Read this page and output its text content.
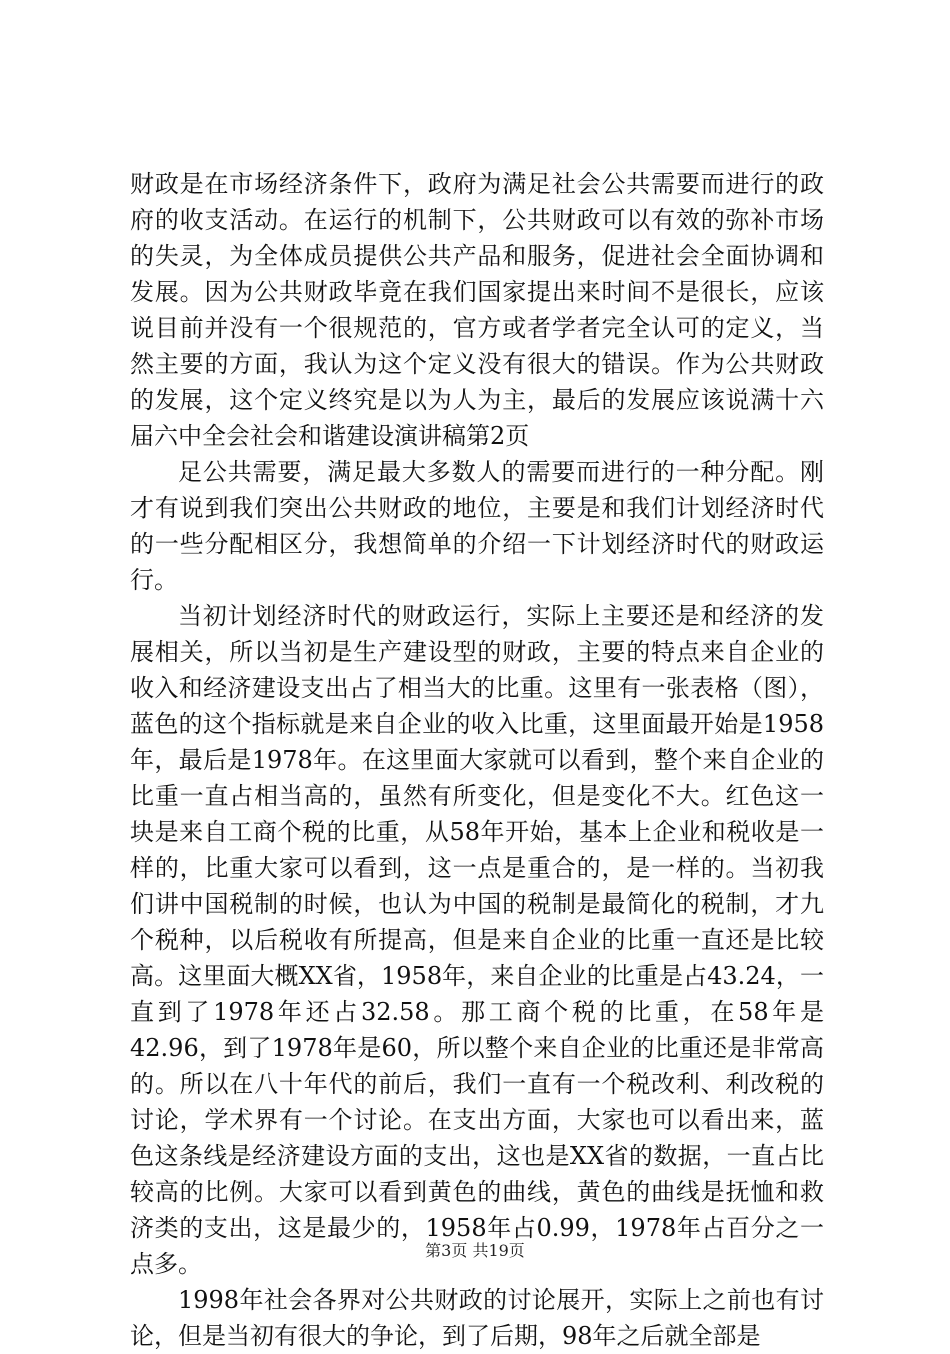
财政是在市场经济条件下，政府为满足社会公共需要而进行的政府的收支活动。在运行的机制下，公共财政可以有效的弥补市场的失灵，为全体成员提供公共产品和服务，促进社会全面协调和发展。因为公共财政毕竟在我们国家提出来时间不是很长，应该说目前并没有一个很规范的，官方或者学者完全认可的定义，当然主要的方面，我认为这个定义没有很大的错误。作为公共财政的发展，这个定义终究是以为人为主，最后的发展应该说满十六届六中全会社会和谐建设演讲稿第2页

足公共需要，满足最大多数人的需要而进行的一种分配。刚才有说到我们突出公共财政的地位，主要是和我们计划经济时代的一些分配相区分，我想简单的介绍一下计划经济时代的财政运行。

当初计划经济时代的财政运行，实际上主要还是和经济的发展相关，所以当初是生产建设型的财政，主要的特点来自企业的收入和经济建设支出占了相当大的比重。这里有一张表格（图），蓝色的这个指标就是来自企业的收入比重，这里面最开始是1958年，最后是1978年。在这里面大家就可以看到，整个来自企业的比重一直占相当高的，虽然有所变化，但是变化不大。红色这一块是来自工商个税的比重，从58年开始，基本上企业和税收是一样的，比重大家可以看到，这一点是重合的，是一样的。当初我们讲中国税制的时候，也认为中国的税制是最简化的税制，才九个税种，以后税收有所提高，但是来自企业的比重一直还是比较高。这里面大概XX省，1958年，来自企业的比重是占43.24，一直到了1978年还占32.58。那工商个税的比重，在58年是42.96，到了1978年是60，所以整个来自企业的比重还是非常高的。所以在八十年代的前后，我们一直有一个税改利、利改税的讨论，学术界有一个讨论。在支出方面，大家也可以看出来，蓝色这条线是经济建设方面的支出，这也是XX省的数据，一直占比较高的比例。大家可以看到黄色的曲线，黄色的曲线是抚恤和救济类的支出，这是最少的，1958年占0.99，1978年占百分之一点多。

1998年社会各界对公共财政的讨论展开，实际上之前也有讨论，但是当初有很大的争论，到了后期，98年之后就全部是

第3页 共19页
